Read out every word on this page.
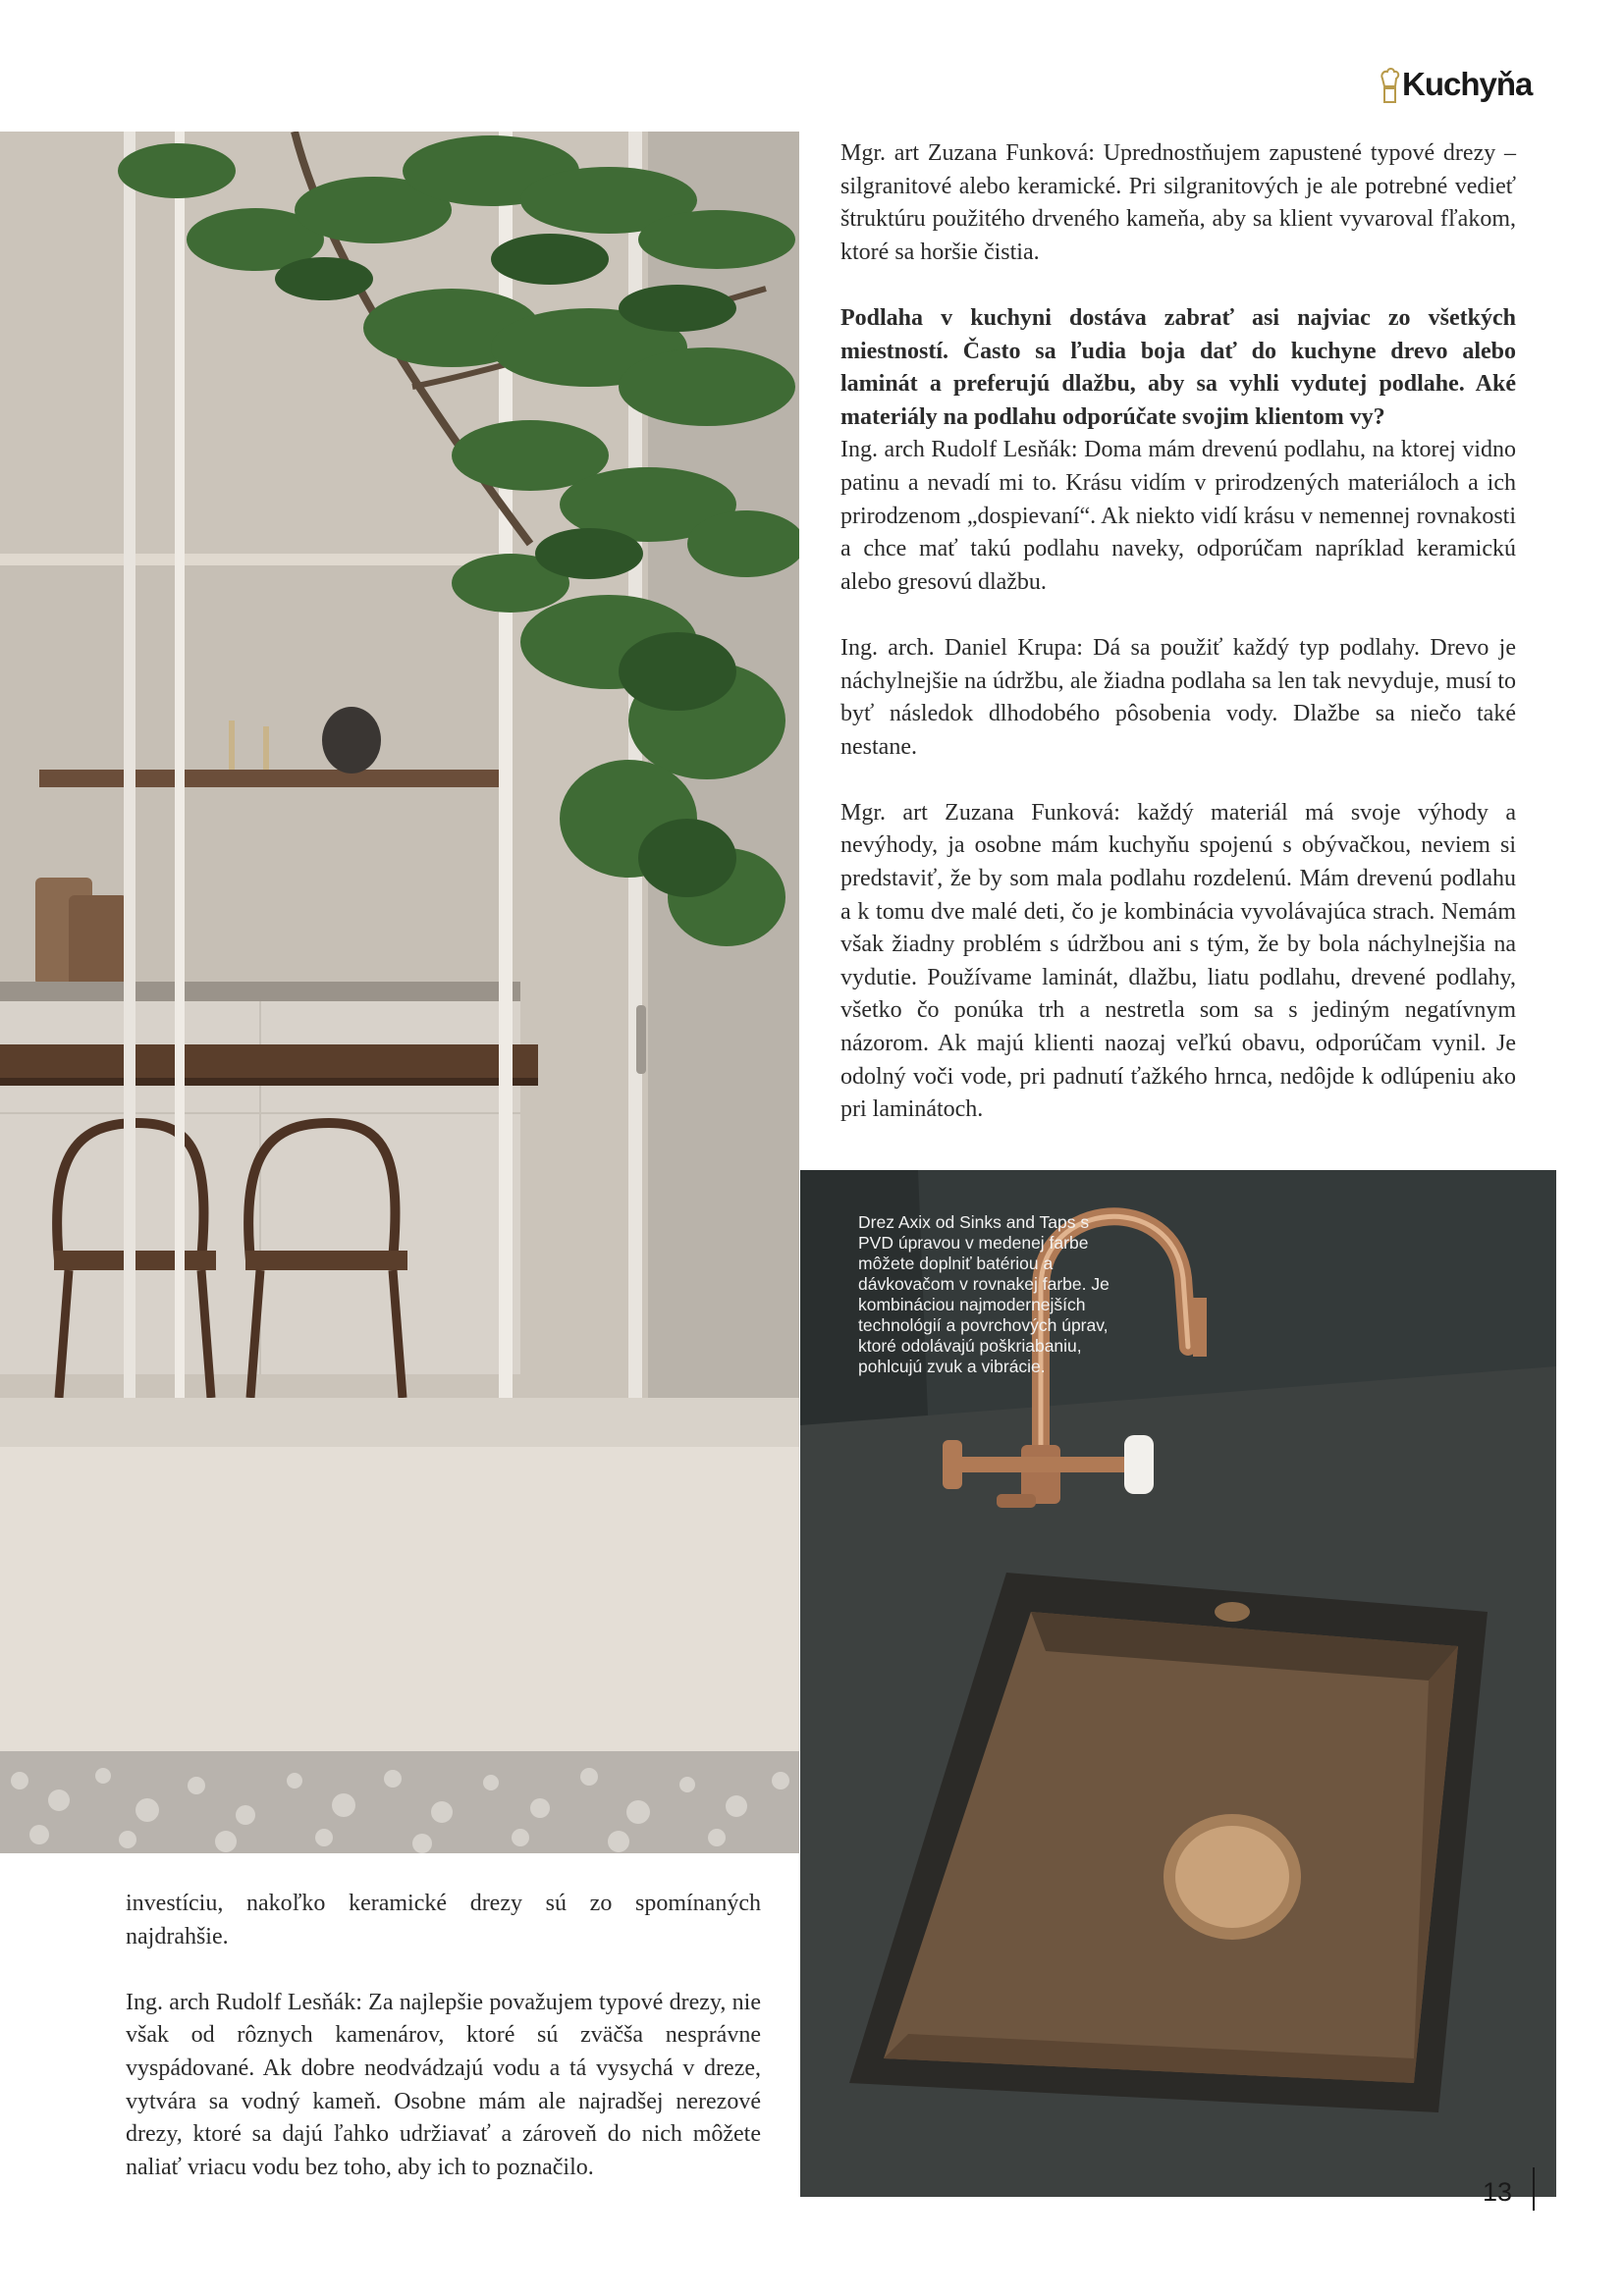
Kuchyňa

Mgr. art Zuzana Funková: Uprednostňujem zapustené typové drezy – silgranitové alebo keramické. Pri silgranitových je ale potrebné vedieť štruktúru použitého drveného kameňa, aby sa klient vyvaroval fľakom, ktoré sa horšie čistia.

Podlaha v kuchyni dostáva zabrať asi najviac zo všetkých miestností. Často sa ľudia boja dať do kuchyne drevo alebo laminát a preferujú dlažbu, aby sa vyhli vydutej podlahe. Aké materiály na podlahu odporúčate svojim klientom vy?

Ing. arch Rudolf Lesňák: Doma mám drevenú podlahu, na ktorej vidno patinu a nevadí mi to. Krásu vidím v prirodzených materiáloch a ich prirodzenom „dospievaní“. Ak niekto vidí krásu v nemennej rovnakosti a chce mať takú podlahu naveky, odporúčam napríklad keramickú alebo gresovú dlažbu.

Ing. arch. Daniel Krupa: Dá sa použiť každý typ podlahy. Drevo je náchylnejšie na údržbu, ale žiadna podlaha sa len tak nevyduje, musí to byť následok dlhodobého pôsobenia vody. Dlažbe sa niečo také nestane.

Mgr. art Zuzana Funková: každý materiál má svoje výhody a nevýhody, ja osobne mám kuchyňu spojenú s obývačkou, neviem si predstaviť, že by som mala podlahu rozdelenú. Mám drevenú podlahu a k tomu dve malé deti, čo je kombinácia vyvolávajúca strach. Nemám však žiadny problém s údržbou ani s tým, že by bola náchylnejšia na vydutie. Používame laminát, dlažbu, liatu podlahu, drevené podlahy, všetko čo ponúka trh a nestretla som sa s jediným negatívnym názorom. Ak majú klienti naozaj veľkú obavu, odporúčam vynil. Je odolný voči vode, pri padnutí ťažkého hrnca, nedôjde k odlúpeniu ako pri laminátoch.

Drez Axix od Sinks and Taps s PVD úpravou v medenej farbe môžete doplniť batériou a dávkovačom v rovnakej farbe. Je kombináciou najmodernejších technológií a povrchových úprav, ktoré odolávajú poškriabaniu, pohlcujú zvuk a vibrácie.

investíciu, nakoľko keramické drezy sú zo spomínaných najdrahšie.

Ing. arch Rudolf Lesňák: Za najlepšie považujem typové drezy, nie však od rôznych kamenárov, ktoré sú zväčša nesprávne vyspádované. Ak dobre neodvádzajú vodu a tá vysychá v dreze, vytvára sa vodný kameň. Osobne mám ale najradšej nerezové drezy, ktoré sa dajú ľahko udržiavať a zároveň do nich môžete naliať vriacu vodu bez toho, aby ich to poznačilo.

13
